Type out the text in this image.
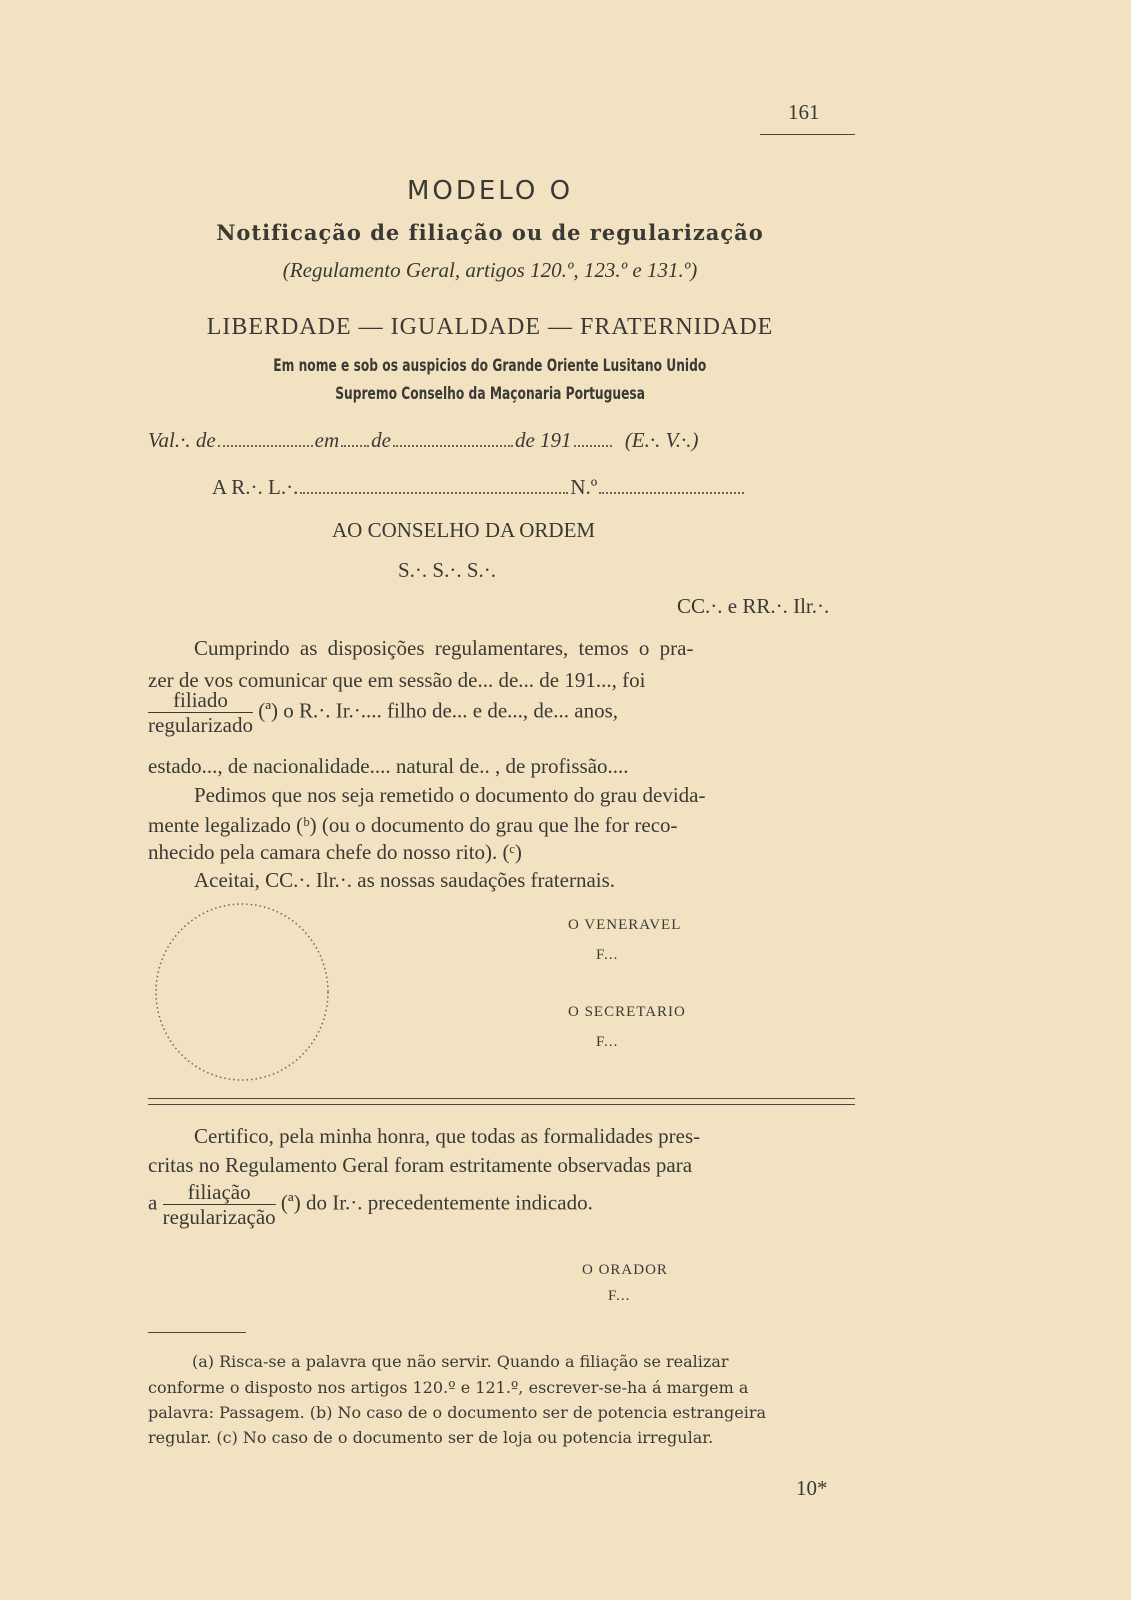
161
MODELO O
Notificação de filiação ou de regularização
(Regulamento Geral, artigos 120.º, 123.º e 131.º)
LIBERDADE — IGUALDADE — FRATERNIDADE
Em nome e sob os auspicios do Grande Oriente Lusitano Unido
Supremo Conselho da Maçonaria Portuguesa
Val.·. de	em de	de 191	(E.·. V.·.)
A R.·. L.·.	N.º
AO CONSELHO DA ORDEM
S.·. S.·. S.·.
CC.·. e RR.·. Ilr.·.
Cumprindo as disposições regulamentares, temos o pra-
zer de vos comunicar que em sessão de... de... de 191..., foi
$\frac{\text{filiado}}{\text{regularizado}}$ (ª) o R.·. Ir.·.... filho de... e de..., de... anos,
estado..., de nacionalidade.... natural de.. , de profissão....
Pedimos que nos seja remetido o documento do grau devida-
mente legalizado (ᵇ) (ou o documento do grau que lhe for reco-
nhecido pela camara chefe do nosso rito). (ᶜ)
Aceitai, CC.·. Ilr.·. as nossas saudações fraternais.
O VENERAVEL
F...
O SECRETARIO
F...
Certifico, pela minha honra, que todas as formalidades pres-
critas no Regulamento Geral foram estritamente observadas para
a $\frac{\text{filiação}}{\text{regularização}}$ (ª) do Ir.·. precedentemente indicado.
O ORADOR
F...
(a) Risca-se a palavra que não servir. Quando a filiação se realizar
conforme o disposto nos artigos 120.º e 121.º, escrever-se-ha á margem a
palavra: Passagem. (b) No caso de o documento ser de potencia estrangeira
regular. (c) No caso de o documento ser de loja ou potencia irregular.
10*
